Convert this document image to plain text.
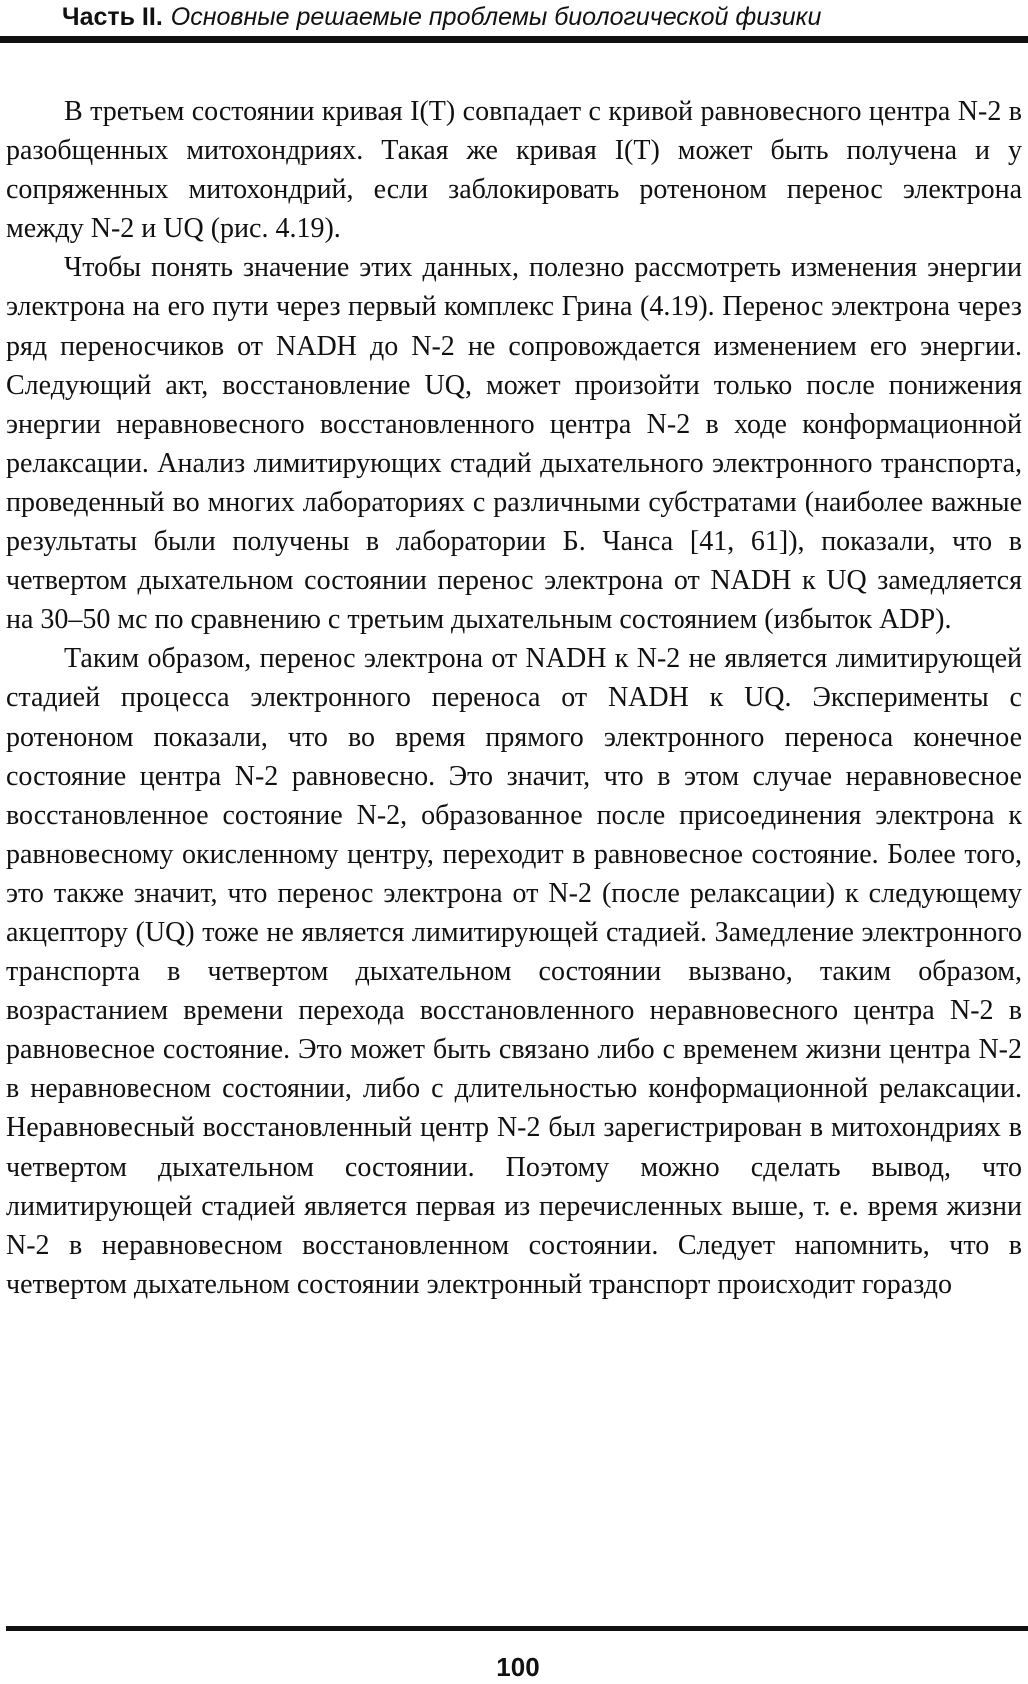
Часть II. Основные решаемые проблемы биологической физики

В третьем состоянии кривая I(T) совпадает с кривой равновесного центра N-2 в разобщенных митохондриях. Такая же кривая I(T) может быть получена и у сопряженных митохондрий, если заблокировать ротеноном перенос электрона между N-2 и UQ (рис. 4.19).

Чтобы понять значение этих данных, полезно рассмотреть изменения энергии электрона на его пути через первый комплекс Грина (4.19). Перенос электрона через ряд переносчиков от NADH до N-2 не сопровождается изменением его энергии. Следующий акт, восстановление UQ, может произойти только после понижения энергии неравновесного восстановленного центра N-2 в ходе конформационной релаксации. Анализ лимитирующих стадий дыхательного электронного транспорта, проведенный во многих лабораториях с различными субстратами (наиболее важные результаты были получены в лаборатории Б. Чанса [41, 61]), показали, что в четвертом дыхательном состоянии перенос электрона от NADH к UQ замедляется на 30–50 мс по сравнению с третьим дыхательным состоянием (избыток ADP).

Таким образом, перенос электрона от NADH к N-2 не является лимитирующей стадией процесса электронного переноса от NADH к UQ. Эксперименты с ротеноном показали, что во время прямого электронного переноса конечное состояние центра N-2 равновесно. Это значит, что в этом случае неравновесное восстановленное состояние N-2, образованное после присоединения электрона к равновесному окисленному центру, переходит в равновесное состояние. Более того, это также значит, что перенос электрона от N-2 (после релаксации) к следующему акцептору (UQ) тоже не является лимитирующей стадией. Замедление электронного транспорта в четвертом дыхательном состоянии вызвано, таким образом, возрастанием времени перехода восстановленного неравновесного центра N-2 в равновесное состояние. Это может быть связано либо с временем жизни центра N-2 в неравновесном состоянии, либо с длительностью конформационной релаксации. Неравновесный восстановленный центр N-2 был зарегистрирован в митохондриях в четвертом дыхательном состоянии. Поэтому можно сделать вывод, что лимитирующей стадией является первая из перечисленных выше, т. е. время жизни N-2 в неравновесном восстановленном состоянии. Следует напомнить, что в четвертом дыхательном состоянии электронный транспорт происходит гораздо

100
